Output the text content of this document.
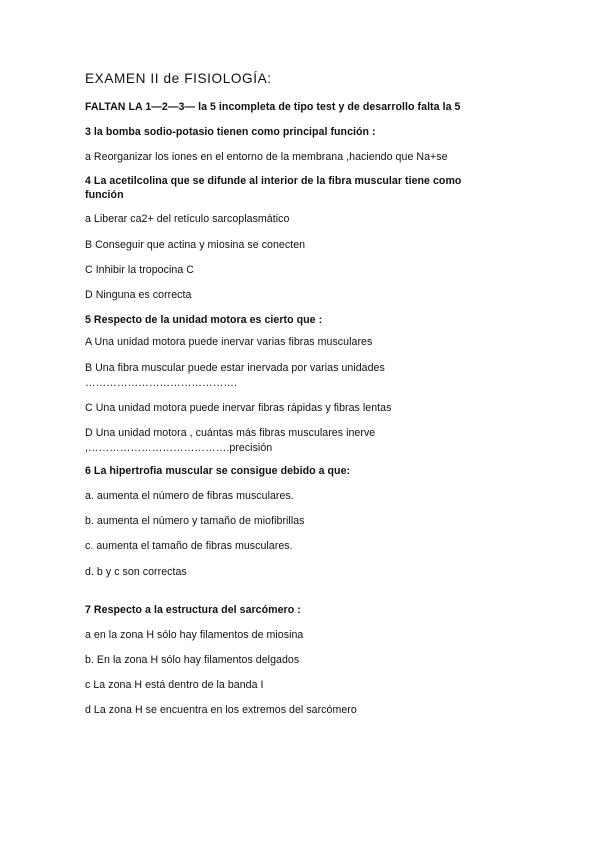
EXAMEN II de FISIOLOGÍA:
FALTAN LA 1—2—3— la 5 incompleta de tipo test y de desarrollo falta la 5
3 la bomba sodio-potasio tienen como principal función :
a Reorganizar los iones en el entorno de la membrana ,haciendo que Na+se
4 La acetilcolina que se difunde al interior de la fibra muscular tiene como
función
a Liberar ca2+ del retículo sarcoplasmático
B Conseguir que actina y miosina se conecten
C Inhibir la tropocina C
D Ninguna es correcta
5 Respecto de la unidad motora es cierto que :
A Una unidad motora puede inervar varias fibras musculares
B Una fibra muscular puede estar inervada por varias unidades
…………………………………….
C Una unidad motora puede inervar fibras rápidas y fibras lentas
D Una unidad motora , cuántas más fibras musculares inerve
,………………………………….precisión
6 La hipertrofia muscular se consigue debido a que:
a. aumenta el número de fibras musculares.
b. aumenta el número y tamaño de miofibrillas
c. aumenta el tamaño de fibras musculares.
d. b y c son correctas
7 Respecto a la estructura del sarcómero :
a en la zona H sólo hay filamentos de miosina
b. En la zona H sólo hay filamentos delgados
c La zona H está dentro de la banda I
d La zona H se encuentra en los extremos del sarcómero
